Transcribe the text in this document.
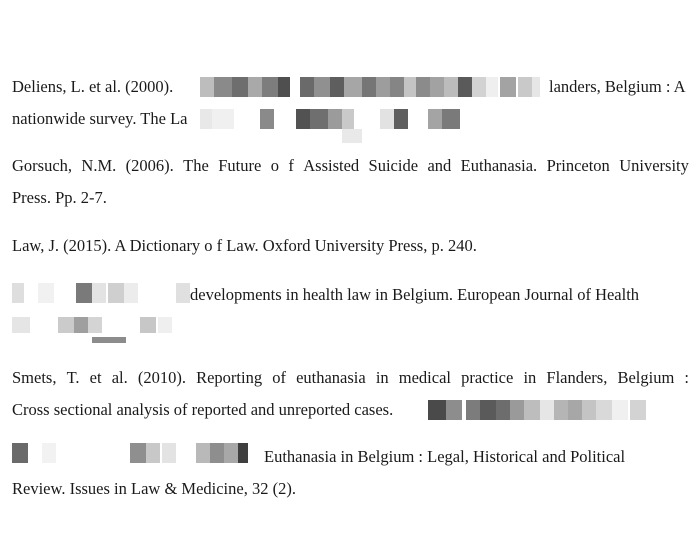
Deliens, L. et al. (2000).	landers, Belgium : A
nationwide survey. The La
Gorsuch, N.M. (2006). The Future o f Assisted Suicide and Euthanasia. Princeton University
Press. Pp. 2-7.
Law, J. (2015). A Dictionary o f Law. Oxford University Press, p. 240.
developments in health law in Belgium. European Journal of Health
Smets, T. et al. (2010). Reporting of euthanasia in medical practice in Flanders, Belgium :
Cross sectional analysis of reported and unreported cases.
Euthanasia in Belgium : Legal, Historical and Political
Review. Issues in Law & Medicine, 32 (2).
